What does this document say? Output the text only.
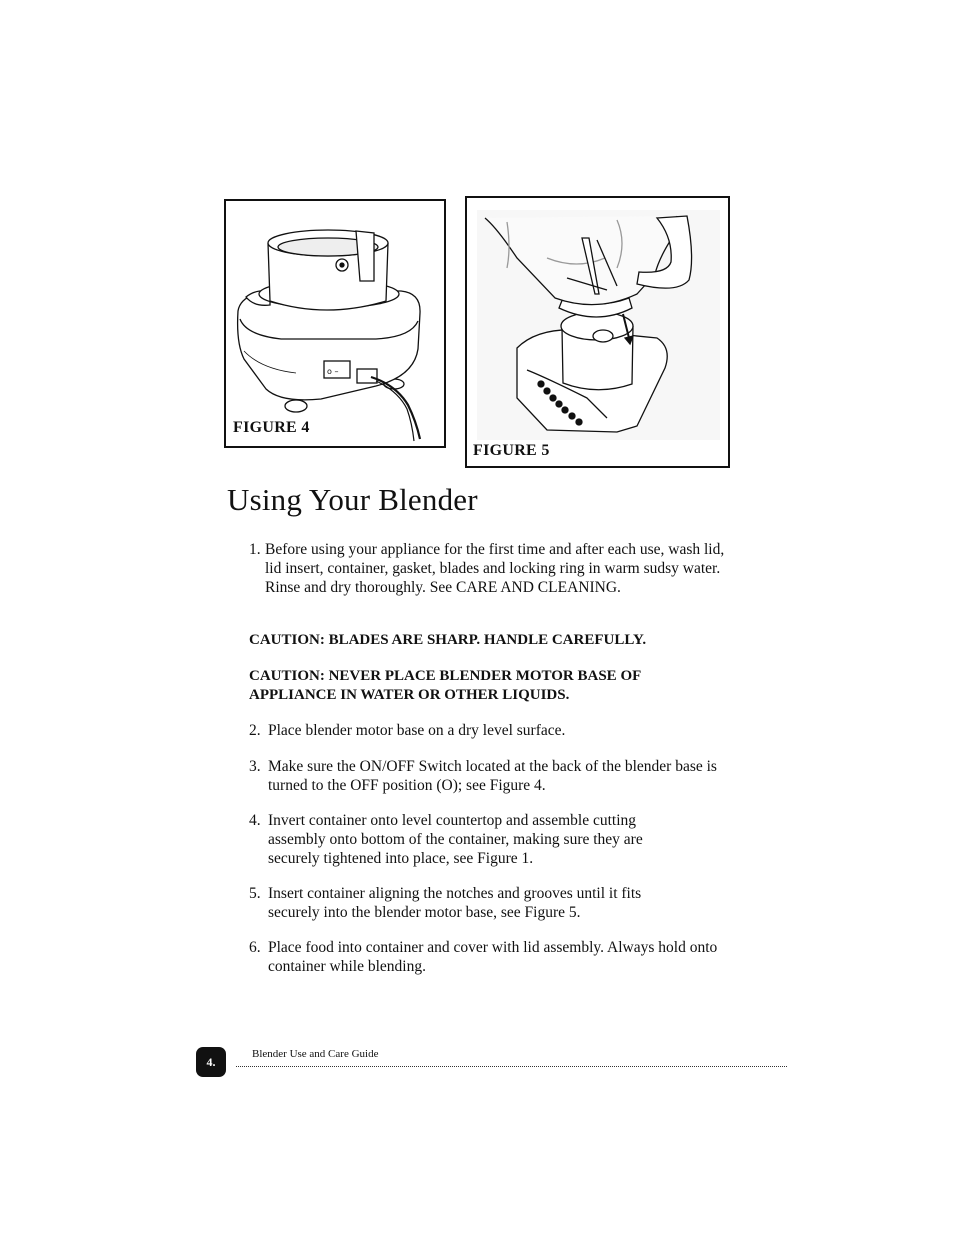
o –
FIGURE 4
FIGURE 5
Using Your Blender
1. Before using your appliance for the first time and after each use, wash lid, lid insert, container, gasket, blades and locking ring in warm sudsy water. Rinse and dry thoroughly. See CARE AND CLEANING.
CAUTION: BLADES ARE SHARP. HANDLE CAREFULLY.
CAUTION: NEVER PLACE BLENDER MOTOR BASE OF APPLIANCE IN WATER OR OTHER LIQUIDS.
2. Place blender motor base on a dry level surface.
3. Make sure the ON/OFF Switch located at the back of the blender base is turned to the OFF position (O); see Figure 4.
4. Invert container onto level countertop and assemble cutting assembly onto bottom of the container, making sure they are securely tightened into place, see Figure 1.
5. Insert container aligning the notches and grooves until it fits securely into the blender motor base, see Figure 5.
6. Place food into container and cover with lid assembly. Always hold onto container while blending.
4.
Blender Use and Care Guide
